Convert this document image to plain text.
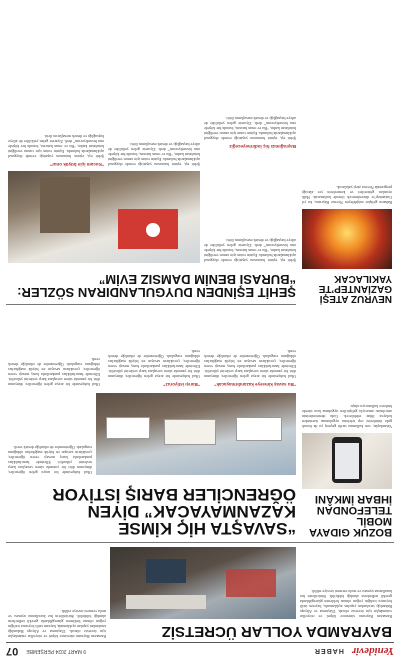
Yenidevir
HABER
9 MART 2024 PERŞEMBE
07
BAYRAMDA YOLLAR ÜCRETSİZ
Ramazan Bayramı süresince köprü ve otoyollar vatandaşlar için ücretsiz olacak. Ulaştırma ve Altyapı Bakanlığı tarafından yapılan açıklamada, bayram tatili boyunca trafiğin yoğun olması beklenen güzergâhlarda gerekli tedbirlerin alındığı bildirildi. Sürücülerin hız kurallarına uyması ve mola vermesi tavsiye edildi.
Ramazan Bayramı süresince köprü ve otoyollar vatandaşlar için ücretsiz olacak. Ulaştırma ve Altyapı Bakanlığı tarafından yapılan açıklamada, bayram tatili boyunca trafiğin yoğun olması beklenen güzergâhlarda gerekli tedbirlerin alındığı bildirildi. Sürücülerin hız kurallarına uyması ve mola vermesi tavsiye edildi.
BOZUK GIDAYA MOBİL TELEFONDAN İHBAR İMKÂNI
Vatandaşlar, son kullanma tarihi geçmiş ya da bozuk gıda ürünlerini cep telefonu uygulaması üzerinden kolayca ihbar edebilecek. Gıda denetimlerinin artırılması amacıyla geliştirilen uygulama kısa sürede binlerce kullanıcıya ulaştı.
“SAVAŞTA HİÇ KİMSE KAZANMAYACAK” DİYEN ÖĞRENCİLER BARIŞ İSTİYOR
Okul bahçesinde bir araya gelen öğrenciler, dünyanın dört bir yanında süren savaşlara karşı seslerini yükseltti. Ellerinde hazırladıkları pankartlarla barış mesajı veren öğrenciler, çocukların savaşın en büyük mağdurları olduğunu vurguladı. Öğretmenler de etkinliğe destek verdi.
“Bu savaş kimseye kazandırmayacak”
Okul bahçesinde bir araya gelen öğrenciler, dünyanın dört bir yanında süren savaşlara karşı seslerini yükseltti. Ellerinde hazırladıkları pankartlarla barış mesajı veren öğrenciler, çocukların savaşın en büyük mağdurları olduğunu vurguladı. Öğretmenler de etkinliğe destek verdi.
“Barışı istiyoruz”
Okul bahçesinde bir araya gelen öğrenciler, dünyanın dört bir yanında süren savaşlara karşı seslerini yükseltti. Ellerinde hazırladıkları pankartlarla barış mesajı veren öğrenciler, çocukların savaşın en büyük mağdurları olduğunu vurguladı. Öğretmenler de etkinliğe destek verdi.
Okul bahçesinde bir araya gelen öğrenciler, dünyanın dört bir yanında süren savaşlara karşı seslerini yükseltti. Ellerinde hazırladıkları pankartlarla barış mesajı veren öğrenciler, çocukların savaşın en büyük mağdurları olduğunu vurguladı. Öğretmenler de etkinliğe destek verdi.
NEVRUZ ATEŞİ GAZİANTEP’TE YAKILACAK
Baharın gelişini müjdeleyen Nevruz Bayramı, bu yıl Gaziantep’te düzenlenecek törenle kutlanacak. Halk oyunları gösterileri ve konserlerin yer alacağı programda Nevruz ateşi yakılacak.
ŞEHİT EŞİNDEN DUYGULANDIRAN SÖZLER: “BURASI BENİM DAMSIZ EVİM”
Şehit eşi, eşinin hatırasını yaşattığı evinde duygusal açıklamalarda bulundu. Eşinin vatan için canını verdiğini hatırlatan kadın, “Bu ev onun hatırası, burada her köşede onu hissediyorum” dedi. Ziyarete gelen yetkililer de aileye başsağlığı ve destek mesajlarını iletti.
Bayrağımızı hiç indirmeyeceğiz
Şehit eşi, eşinin hatırasını yaşattığı evinde duygusal açıklamalarda bulundu. Eşinin vatan için canını verdiğini hatırlatan kadın, “Bu ev onun hatırası, burada her köşede onu hissediyorum” dedi. Ziyarete gelen yetkililer de aileye başsağlığı ve destek mesajlarını iletti.
Şehit eşi, eşinin hatırasını yaşattığı evinde duygusal açıklamalarda bulundu. Eşinin vatan için canını verdiğini hatırlatan kadın, “Bu ev onun hatırası, burada her köşede onu hissediyorum” dedi. Ziyarete gelen yetkililer de aileye başsağlığı ve destek mesajlarını iletti.
“Kocam için büyük onur”
Şehit eşi, eşinin hatırasını yaşattığı evinde duygusal açıklamalarda bulundu. Eşinin vatan için canını verdiğini hatırlatan kadın, “Bu ev onun hatırası, burada her köşede onu hissediyorum” dedi. Ziyarete gelen yetkililer de aileye başsağlığı ve destek mesajlarını iletti.
